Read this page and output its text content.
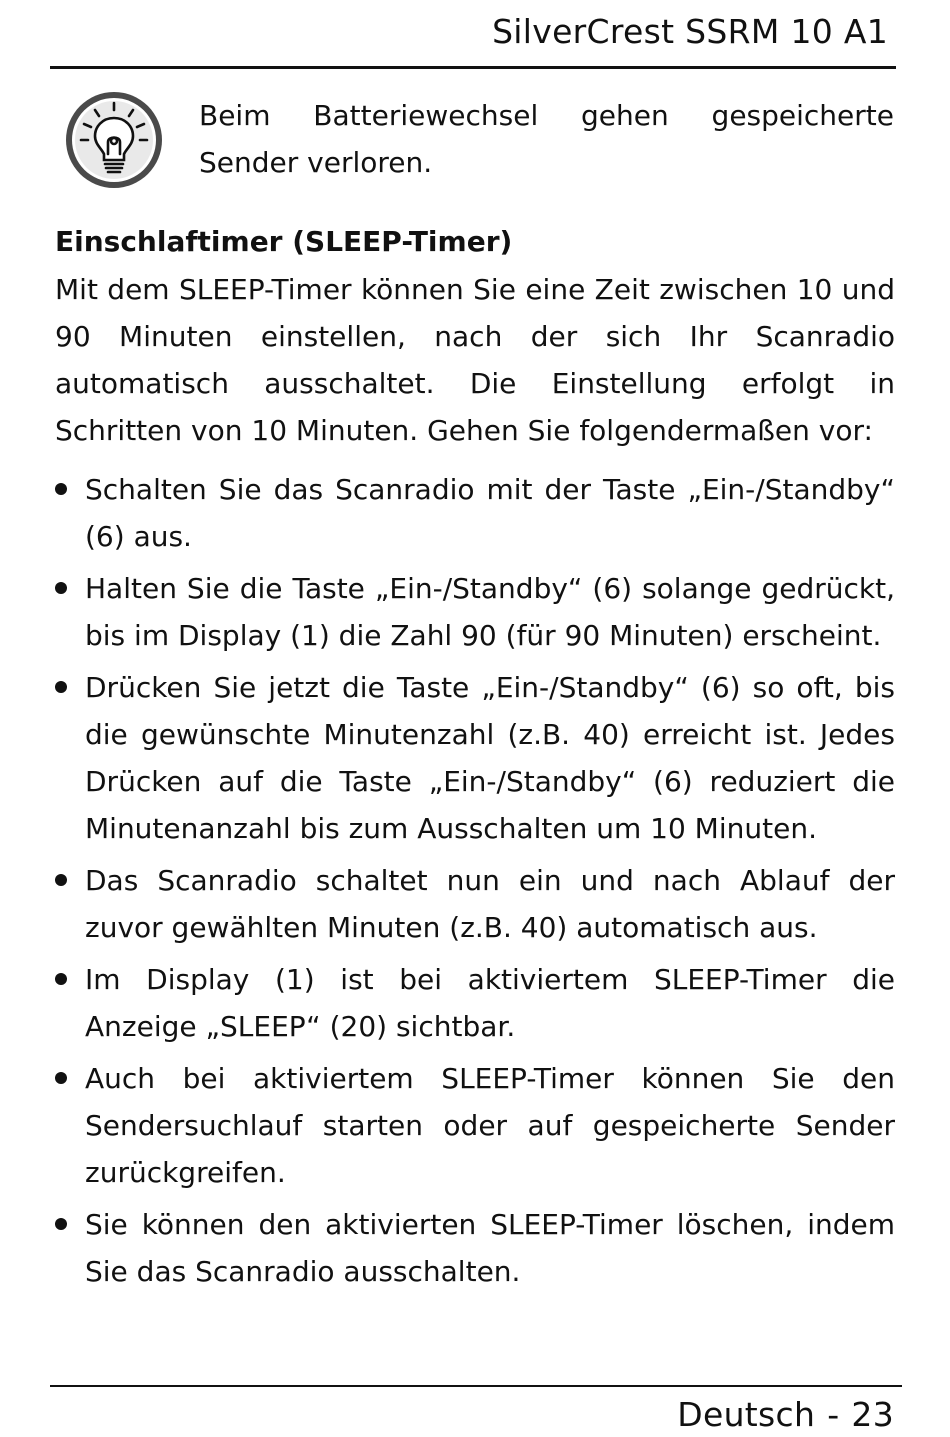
SilverCrest SSRM 10 A1
Beim Batteriewechsel gehen gespeicherte Sender verloren.
Einschlaftimer (SLEEP-Timer)

Mit dem SLEEP-Timer können Sie eine Zeit zwischen 10 und 90 Minuten einstellen, nach der sich Ihr Scanradio automatisch ausschaltet. Die Einstellung erfolgt in Schritten von 10 Minuten. Gehen Sie folgendermaßen vor:

Schalten Sie das Scanradio mit der Taste „Ein-/Standby“ (6) aus.
Halten Sie die Taste „Ein-/Standby“ (6) solange gedrückt, bis im Display (1) die Zahl 90 (für 90 Minuten) erscheint.
Drücken Sie jetzt die Taste „Ein-/Standby“ (6) so oft, bis die gewünschte Minutenzahl (z.B. 40) erreicht ist. Jedes Drücken auf die Taste „Ein-/Standby“ (6) reduziert die Minutenanzahl bis zum Ausschalten um 10 Minuten.
Das Scanradio schaltet nun ein und nach Ablauf der zuvor gewählten Minuten (z.B. 40) automatisch aus.
Im Display (1) ist bei aktiviertem SLEEP-Timer die Anzeige „SLEEP“ (20) sichtbar.
Auch bei aktiviertem SLEEP-Timer können Sie den Sendersuchlauf starten oder auf gespeicherte Sender zurückgreifen.
Sie können den aktivierten SLEEP-Timer löschen, indem Sie das Scanradio ausschalten.
Deutsch - 23
